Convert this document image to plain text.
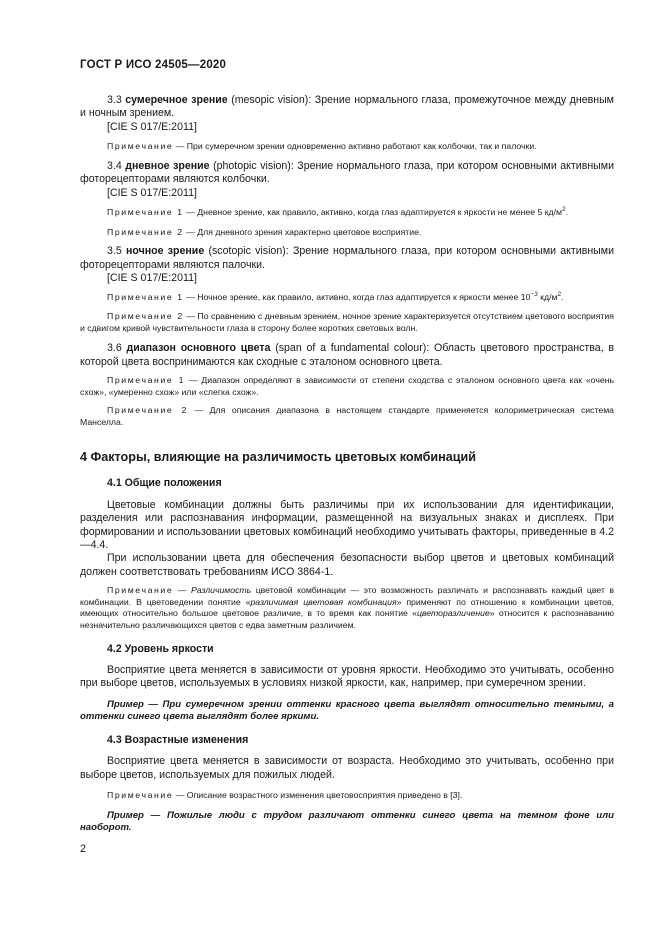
ГОСТ Р ИСО 24505—2020

3.3 сумеречное зрение (mesopic vision): Зрение нормального глаза, промежуточное между дневным и ночным зрением.

[CIE S 017/E:2011]

Примечание — При сумеречном зрении одновременно активно работают как колбочки, так и палочки.

3.4 дневное зрение (photopic vision): Зрение нормального глаза, при котором основными активными фоторецепторами являются колбочки.

[CIE S 017/E:2011]

Примечание 1 — Дневное зрение, как правило, активно, когда глаз адаптируется к яркости не менее 5 $кд/м^2$.

Примечание 2 — Для дневного зрения характерно цветовое восприятие.

3.5 ночное зрение (scotopic vision): Зрение нормального глаза, при котором основными активными фоторецепторами являются палочки.

[CIE S 017/E:2011]

Примечание 1 — Ночное зрение, как правило, активно, когда глаз адаптируется к яркости менее $10^{-3}$ $кд/м^2$.

Примечание 2 — По сравнению с дневным зрением, ночное зрение характеризуется отсутствием цветового восприятия и сдвигом кривой чувствительности глаза в сторону более коротких световых волн.

3.6 диапазон основного цвета (span of a fundamental colour): Область цветового пространства, в которой цвета воспринимаются как сходные с эталоном основного цвета.

Примечание 1 — Диапазон определяют в зависимости от степени сходства с эталоном основного цвета как «очень схож», «умеренно схож» или «слегка схож».

Примечание 2 — Для описания диапазона в настоящем стандарте применяется колориметрическая система Манселла.

4 Факторы, влияющие на различимость цветовых комбинаций

4.1 Общие положения

Цветовые комбинации должны быть различимы при их использовании для идентификации, разделения или распознавания информации, размещенной на визуальных знаках и дисплеях. При формировании и использовании цветовых комбинаций необходимо учитывать факторы, приведенные в 4.2—4.4.

При использовании цвета для обеспечения безопасности выбор цветов и цветовых комбинаций должен соответствовать требованиям ИСО 3864-1.

Примечание — Различимость цветовой комбинации — это возможность различать и распознавать каждый цвет в комбинации. В цветоведении понятие «различимая цветовая комбинация» применяют по отношению к комбинации цветов, имеющих относительно большое цветовое различие, в то время как понятие «цветоразличение» относится к распознаванию незначительно различающихся цветов с едва заметным различием.

4.2 Уровень яркости

Восприятие цвета меняется в зависимости от уровня яркости. Необходимо это учитывать, особенно при выборе цветов, используемых в условиях низкой яркости, как, например, при сумеречном зрении.

Пример — При сумеречном зрении оттенки красного цвета выглядят относительно темными, а оттенки синего цвета выглядят более яркими.

4.3 Возрастные изменения

Восприятие цвета меняется в зависимости от возраста. Необходимо это учитывать, особенно при выборе цветов, используемых для пожилых людей.

Примечание — Описание возрастного изменения цветовосприятия приведено в [3].

Пример — Пожилые люди с трудом различают оттенки синего цвета на темном фоне или наоборот.

2
